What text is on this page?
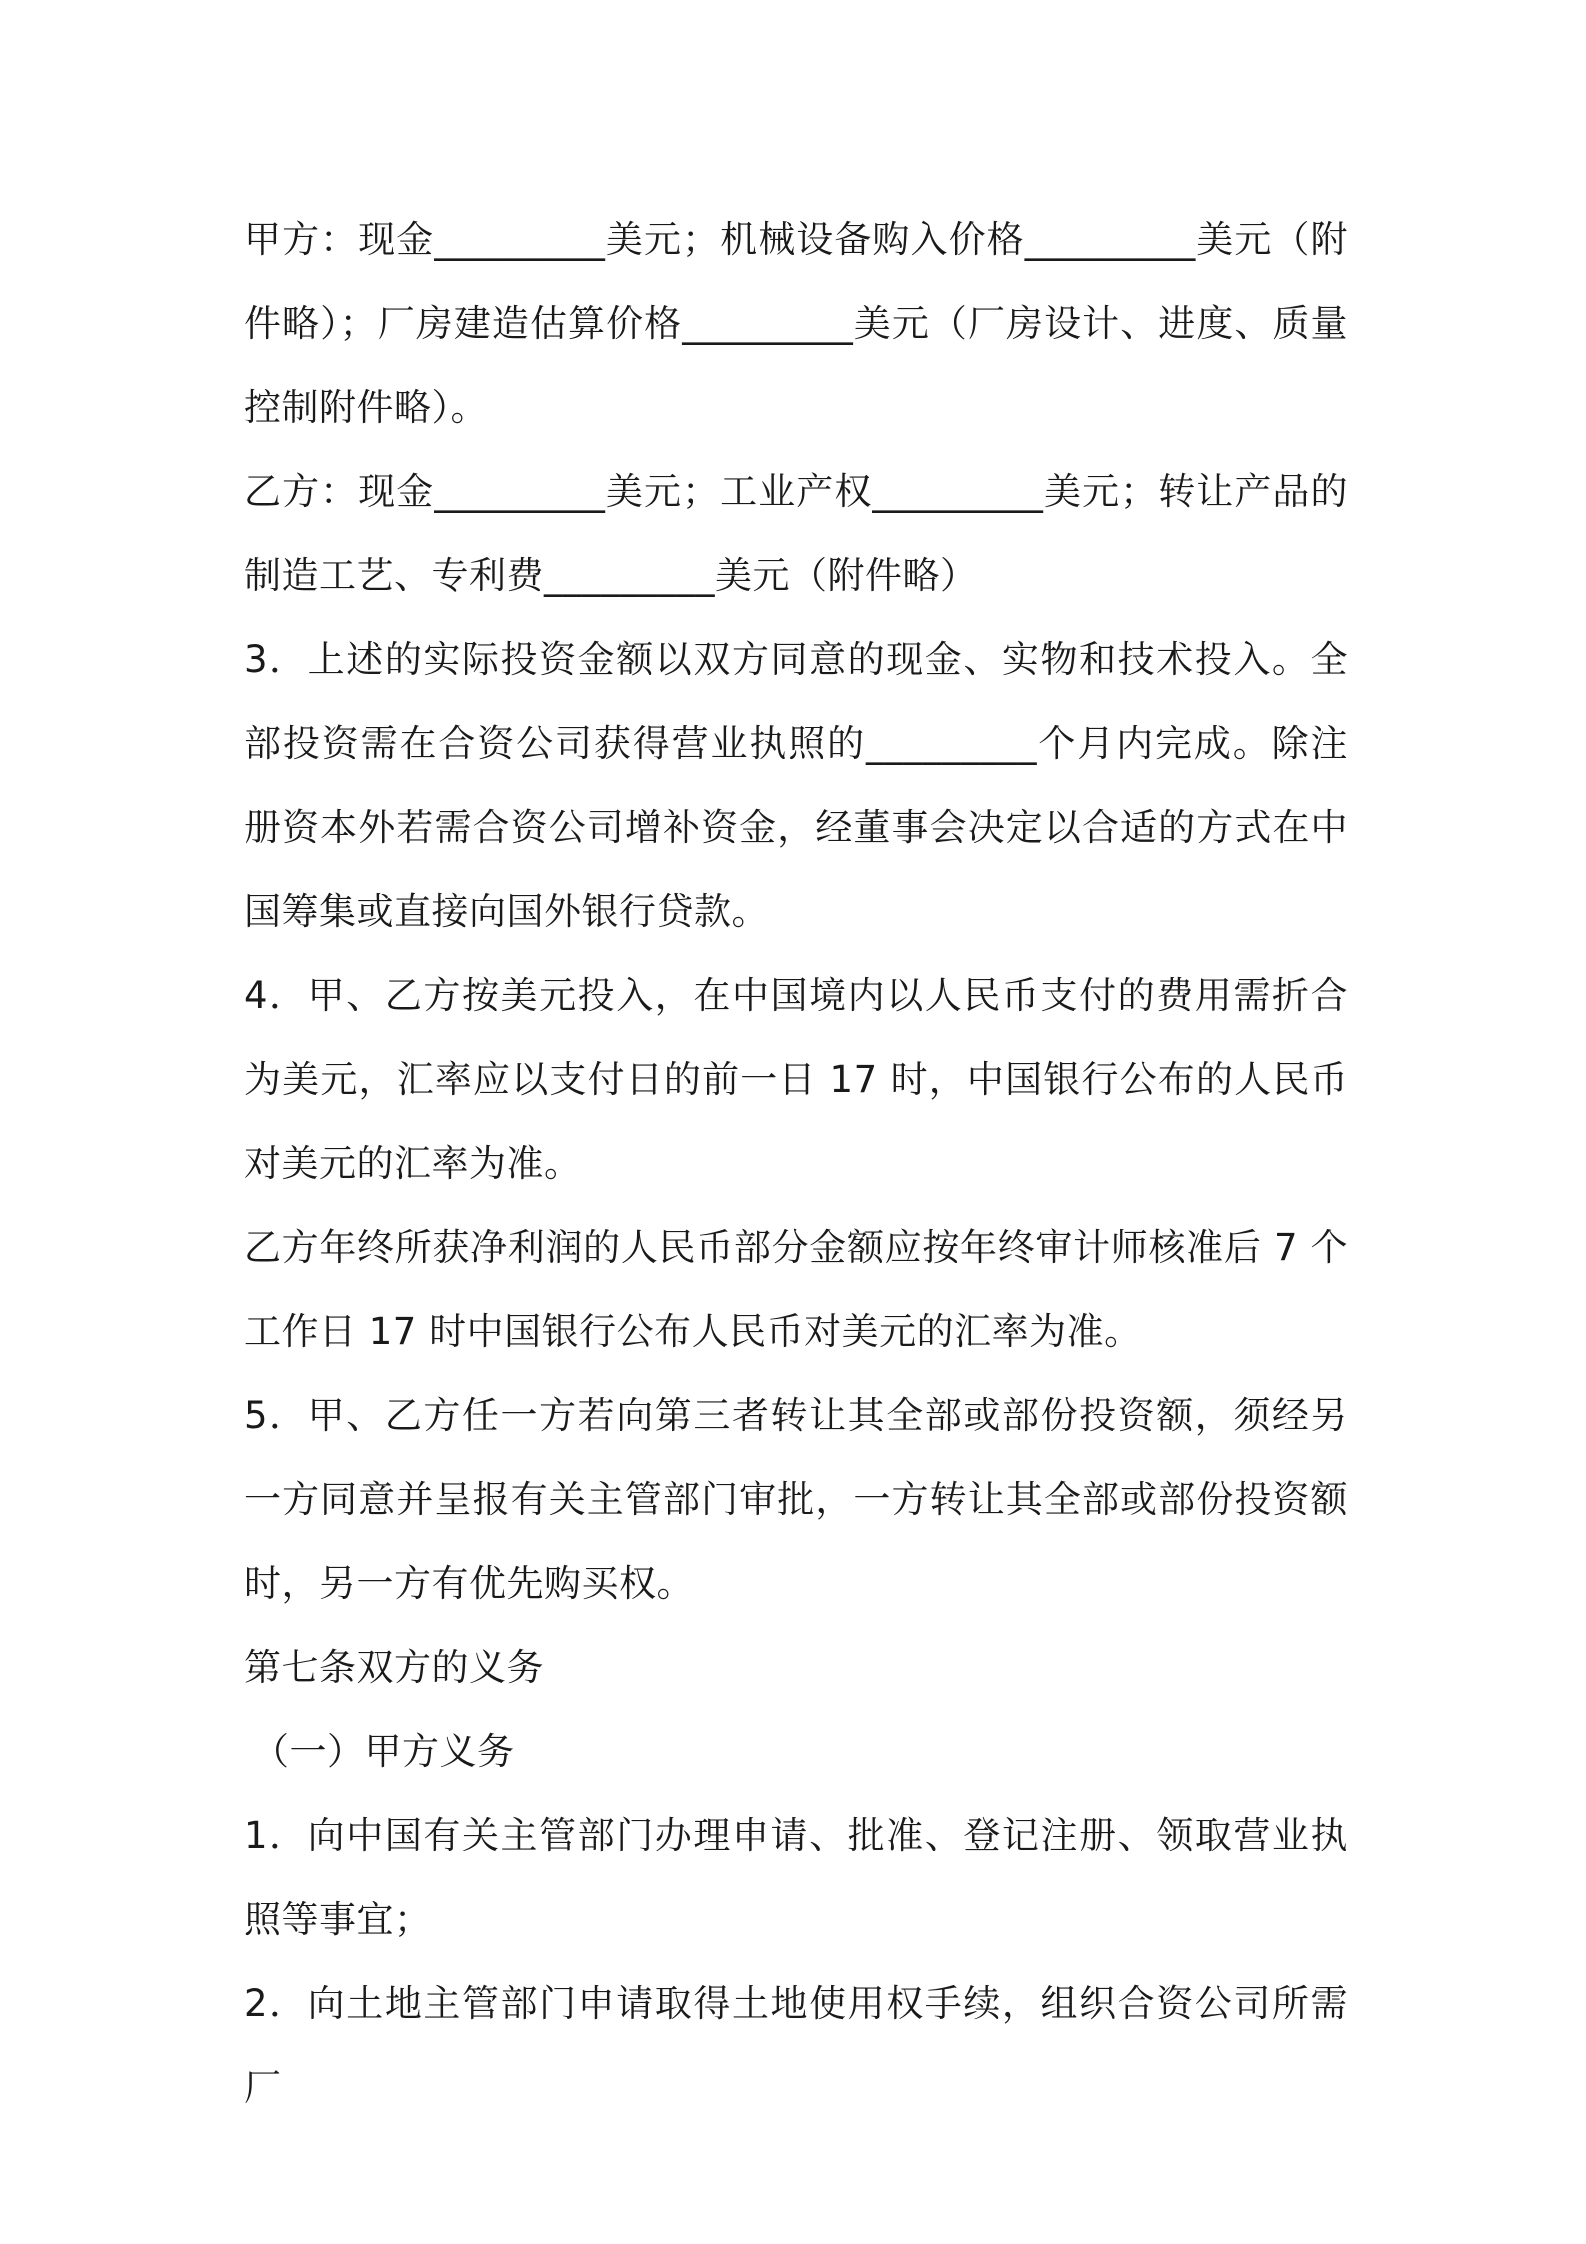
甲方：现金_________美元；机械设备购入价格_________美元（附件略）；厂房建造估算价格_________美元（厂房设计、进度、质量控制附件略）。

乙方：现金_________美元；工业产权_________美元；转让产品的制造工艺、专利费_________美元（附件略）

3．上述的实际投资金额以双方同意的现金、实物和技术投入。全部投资需在合资公司获得营业执照的_________个月内完成。除注册资本外若需合资公司增补资金，经董事会决定以合适的方式在中国筹集或直接向国外银行贷款。

4．甲、乙方按美元投入，在中国境内以人民币支付的费用需折合为美元，汇率应以支付日的前一日 17 时，中国银行公布的人民币对美元的汇率为准。

乙方年终所获净利润的人民币部分金额应按年终审计师核准后 7 个工作日 17 时中国银行公布人民币对美元的汇率为准。

5．甲、乙方任一方若向第三者转让其全部或部份投资额，须经另一方同意并呈报有关主管部门审批，一方转让其全部或部份投资额时，另一方有优先购买权。

第七条双方的义务

（一）甲方义务

1．向中国有关主管部门办理申请、批准、登记注册、领取营业执照等事宜；

2．向土地主管部门申请取得土地使用权手续，组织合资公司所需厂
